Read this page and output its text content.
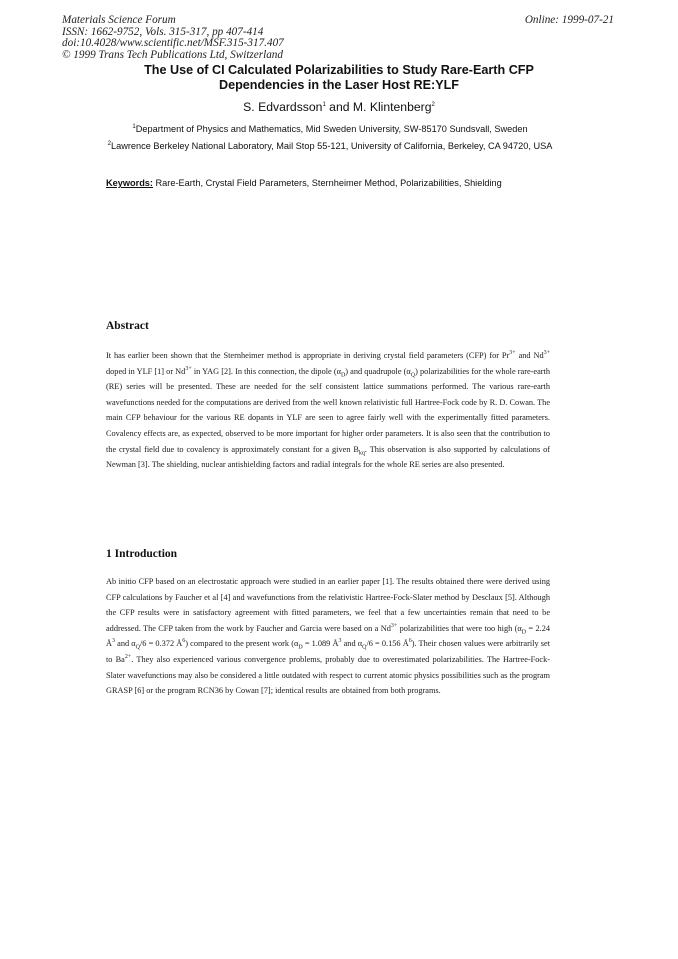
Materials Science Forum
ISSN: 1662-9752, Vols. 315-317, pp 407-414
doi:10.4028/www.scientific.net/MSF.315-317.407
© 1999 Trans Tech Publications Ltd, Switzerland
Online: 1999-07-21
The Use of CI Calculated Polarizabilities to Study Rare-Earth CFP
Dependencies in the Laser Host RE:YLF
S. Edvardsson$^1$ and M. Klintenberg$^2$
$^1$Department of Physics and Mathematics, Mid Sweden University, SW-85170 Sundsvall, Sweden
$^2$Lawrence Berkeley National Laboratory, Mail Stop 55-121, University of California, Berkeley, CA 94720, USA
Keywords: Rare-Earth, Crystal Field Parameters, Sternheimer Method, Polarizabilities, Shielding
Abstract
It has earlier been shown that the Sternheimer method is appropriate in deriving crystal field parameters (CFP) for $Pr^{3+}$ and $Nd^{3+}$ doped in YLF [1] or $Nd^{3+}$ in YAG [2]. In this connection, the dipole $(\alpha_D)$ and quadrupole $(\alpha_Q)$ polarizabilities for the whole rare-earth (RE) series will be presented. These are needed for the self consistent lattice summations performed. The various rare-earth wavefunctions needed for the computations are derived from the well known relativistic full Hartree-Fock code by R. D. Cowan. The main CFP behaviour for the various RE dopants in YLF are seen to agree fairly well with the experimentally fitted parameters. Covalency effects are, as expected, observed to be more important for higher order parameters. It is also seen that the contribution to the crystal field due to covalency is approximately constant for a given $B_{kq}$. This observation is also supported by calculations of Newman [3]. The shielding, nuclear antishielding factors and radial integrals for the whole RE series are also presented.
1 Introduction
Ab initio CFP based on an electrostatic approach were studied in an earlier paper [1]. The results obtained there were derived using CFP calculations by Faucher et al [4] and wavefunctions from the relativistic Hartree-Fock-Slater method by Desclaux [5]. Although the CFP results were in satisfactory agreement with fitted parameters, we feel that a few uncertainties remain that need to be addressed. The CFP taken from the work by Faucher and Garcia were based on a $Nd^{3+}$ polarizabilities that were too high ($\alpha_D = 2.24$ $Å^3$ and $\alpha_Q/6 = 0.372$ $Å^6$) compared to the present work ($\alpha_D = 1.089$ $Å^3$ and $\alpha_Q/6 = 0.156$ $Å^6$). Their chosen values were arbitrarily set to $Ba^{2+}$. They also experienced various convergence problems, probably due to overestimated polarizabilities. The Hartree-Fock-Slater wavefunctions may also be considered a little outdated with respect to current atomic physics possibilities such as the program GRASP [6] or the program RCN36 by Cowan [7]; identical results are obtained from both programs.
